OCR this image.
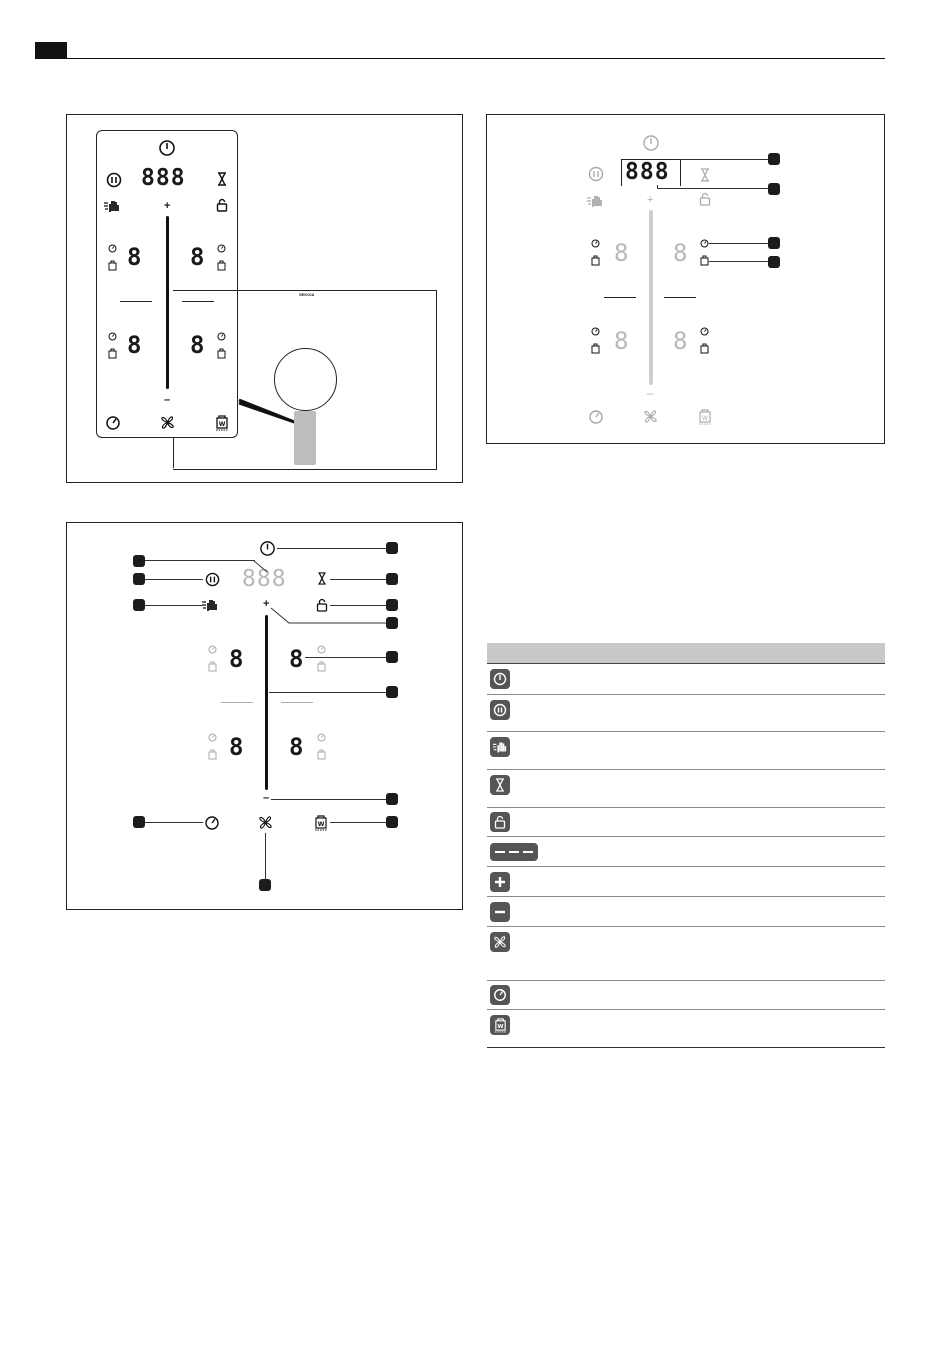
888
+
8 8
8 8
–
W
SEKOIA
888
+
8 8
8 8
–
W
888
+
8 8
8 8
–
W
W
